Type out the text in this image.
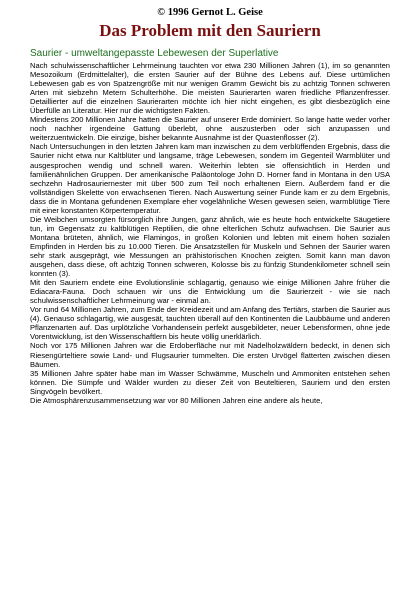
© 1996 Gernot L. Geise
Das Problem mit den Sauriern
Saurier - umweltangepasste Lebewesen der Superlative

Nach schulwissenschaftlicher Lehrmeinung tauchten vor etwa 230 Millionen Jahren (1), im so genannten Mesozoikum (Erdmittelalter), die ersten Saurier auf der Bühne des Lebens auf. Diese urtümlichen Lebewesen gab es von Spatzengröße mit nur wenigen Gramm Gewicht bis zu achtzig Tonnen schweren Arten mit siebzehn Metern Schulterhöhe. Die meisten Saurierarten waren friedliche Pflanzenfresser. Detaillierter auf die einzelnen Saurierarten möchte ich hier nicht eingehen, es gibt diesbezüglich eine Überfülle an Literatur. Hier nur die wichtigsten Fakten.

Mindestens 200 Millionen Jahre hatten die Saurier auf unserer Erde dominiert. So lange hatte weder vorher noch nachher irgendeine Gattung überlebt, ohne auszusterben oder sich anzupassen und weiterzuentwickeln. Die einzige, bisher bekannte Ausnahme ist der Quastenflosser (2).

Nach Untersuchungen in den letzten Jahren kam man inzwischen zu dem verblüffenden Ergebnis, dass die Saurier nicht etwa nur Kaltblüter und langsame, träge Lebewesen, sondern im Gegenteil Warmblüter und ausgesprochen wendig und schnell waren. Weiterhin lebten sie offensichtlich in Herden und familienähnlichen Gruppen. Der amerikanische Paläontologe John D. Horner fand in Montana in den USA sechzehn Hadrosauriernester mit über 500 zum Teil noch erhaltenen Eiern. Außerdem fand er die vollständigen Skelette von erwachsenen Tieren. Nach Auswertung seiner Funde kam er zu dem Ergebnis, dass die in Montana gefundenen Exemplare eher vogelähnliche Wesen gewesen seien, warmblütige Tiere mit einer konstanten Körpertemperatur.

Die Weibchen umsorgten fürsorglich ihre Jungen, ganz ähnlich, wie es heute hoch entwickelte Säugetiere tun, im Gegensatz zu kaltblütigen Reptilien, die ohne elterlichen Schutz aufwachsen. Die Saurier aus Montana brüteten, ähnlich, wie Flamingos, in großen Kolonien und lebten mit einem hohen sozialen Empfinden in Herden bis zu 10.000 Tieren. Die Ansatzstellen für Muskeln und Sehnen der Saurier waren sehr stark ausgeprägt, wie Messungen an prähistorischen Knochen zeigten. Somit kann man davon ausgehen, dass diese, oft achtzig Tonnen schweren, Kolosse bis zu fünfzig Stundenkilometer schnell sein konnten (3).

Mit den Sauriern endete eine Evolutionslinie schlagartig, genauso wie einige Millionen Jahre früher die Ediacara-Fauna. Doch schauen wir uns die Entwicklung um die Saurierzeit - wie sie nach schulwissenschaftlicher Lehrmeinung war - einmal an.

Vor rund 64 Millionen Jahren, zum Ende der Kreidezeit und am Anfang des Tertiärs, starben die Saurier aus (4). Genauso schlagartig, wie ausgesät, tauchten überall auf den Kontinenten die Laubbäume und anderen Pflanzenarten auf. Das urplötzliche Vorhandensein perfekt ausgebildeter, neuer Lebensformen, ohne jede Vorentwicklung, ist den Wissenschaftlern bis heute völlig unerklärlich.

Noch vor 175 Millionen Jahren war die Erdoberfläche nur mit Nadelholzwäldern bedeckt, in denen sich Riesengürteltiere sowie Land- und Flugsaurier tummelten. Die ersten Urvögel flatterten zwischen diesen Bäumen.

35 Millionen Jahre später habe man im Wasser Schwämme, Muscheln und Ammoniten entstehen sehen können. Die Sümpfe und Wälder wurden zu dieser Zeit von Beuteltieren, Sauriern und den ersten Singvögeln bevölkert.

Die Atmosphärenzusammensetzung war vor 80 Millionen Jahren eine andere als heute,
